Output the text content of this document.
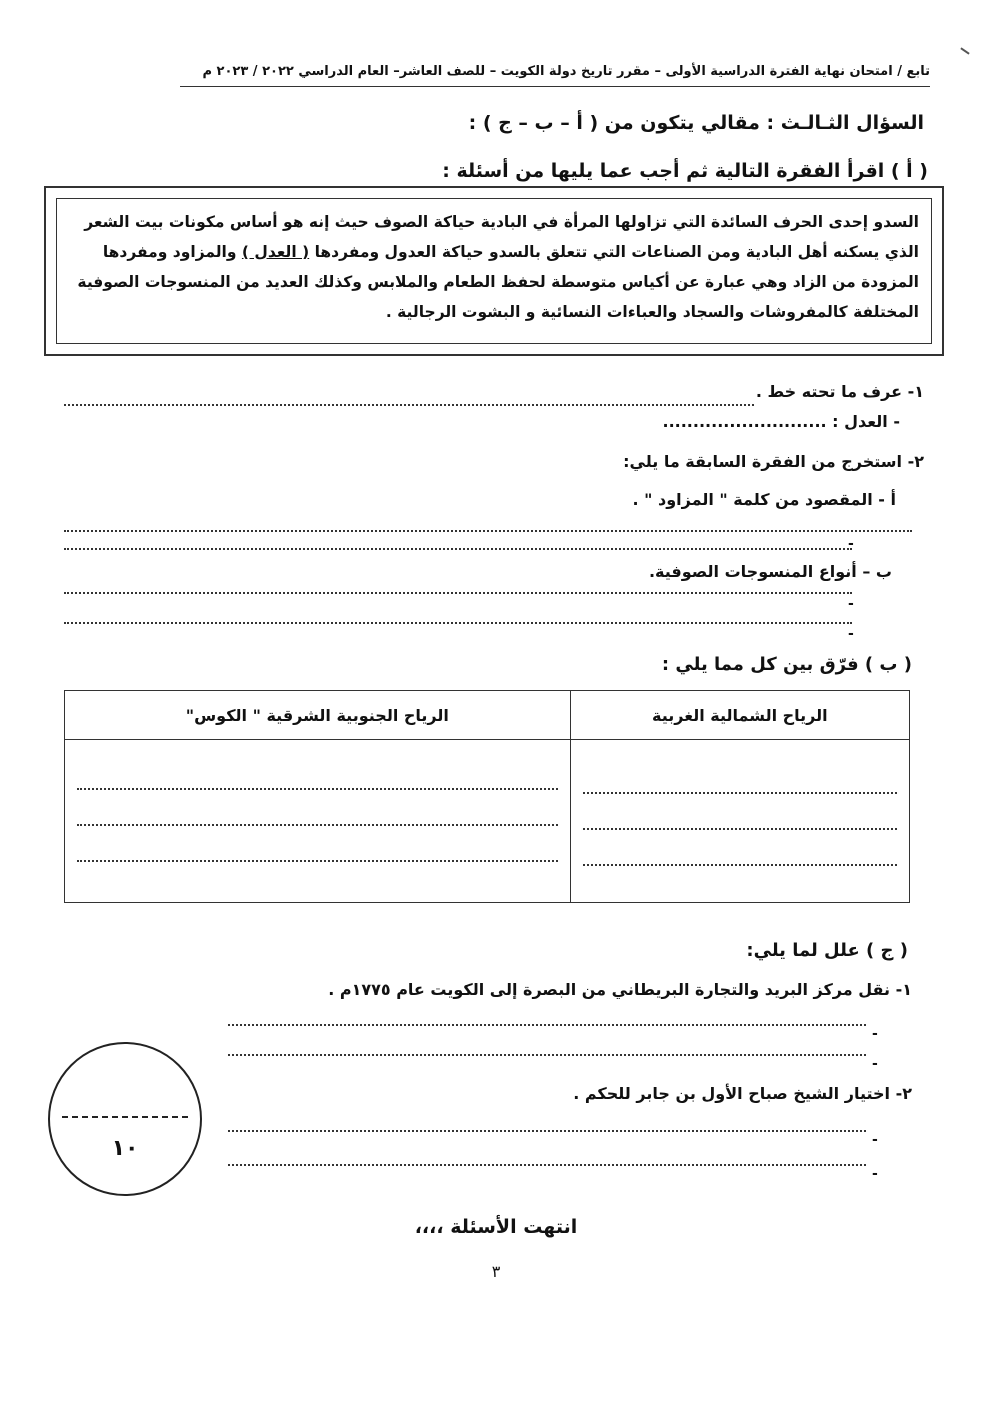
تابع / امتحان نهاية الفترة الدراسية الأولى – مقرر تاريخ دولة الكويت – للصف العاشر– العام الدراسي ٢٠٢٢ / ٢٠٢٣ م
السؤال الثـالـث : مقالي يتكون من ( أ – ب – ج ) :
( أ ) اقرأ الفقرة التالية ثم أجب عما يليها من أسئلة :
السدو إحدى الحرف السائدة التي تزاولها المرأة في البادية حياكة الصوف حيث إنه هو أساس مكونات بيت الشعر
الذي يسكنه أهل البادية ومن الصناعات التي تتعلق بالسدو حياكة العدول ومفردها ( العدل ) والمزاود ومفردها
المزودة من الزاد وهي عبارة عن أكياس متوسطة لحفظ الطعام والملابس وكذلك العديد من المنسوجات الصوفية
المختلفة كالمفروشات والسجاد والعباءات النسائية و البشوت الرجالية .
١- عرف ما تحته خط .
- العدل : ...........................
٢- استخرج من الفقرة السابقة ما يلي:
أ - المقصود من كلمة " المزاود " .
-
ب – أنواع المنسوجات الصوفية.
-
-
( ب ) فرّق بين كل مما يلي :
الرياح الشمالية الغربية	الرياح الجنوبية الشرقية " الكوس"

( ج ) علل لما يلي:
١- نقل مركز البريد والتجارة البريطاني من البصرة إلى الكويت عام ١٧٧٥م .
-
-
٢- اختيار الشيخ صباح الأول بن جابر للحكم .
-
-
١٠
انتهت الأسئلة ،،،،
٣
